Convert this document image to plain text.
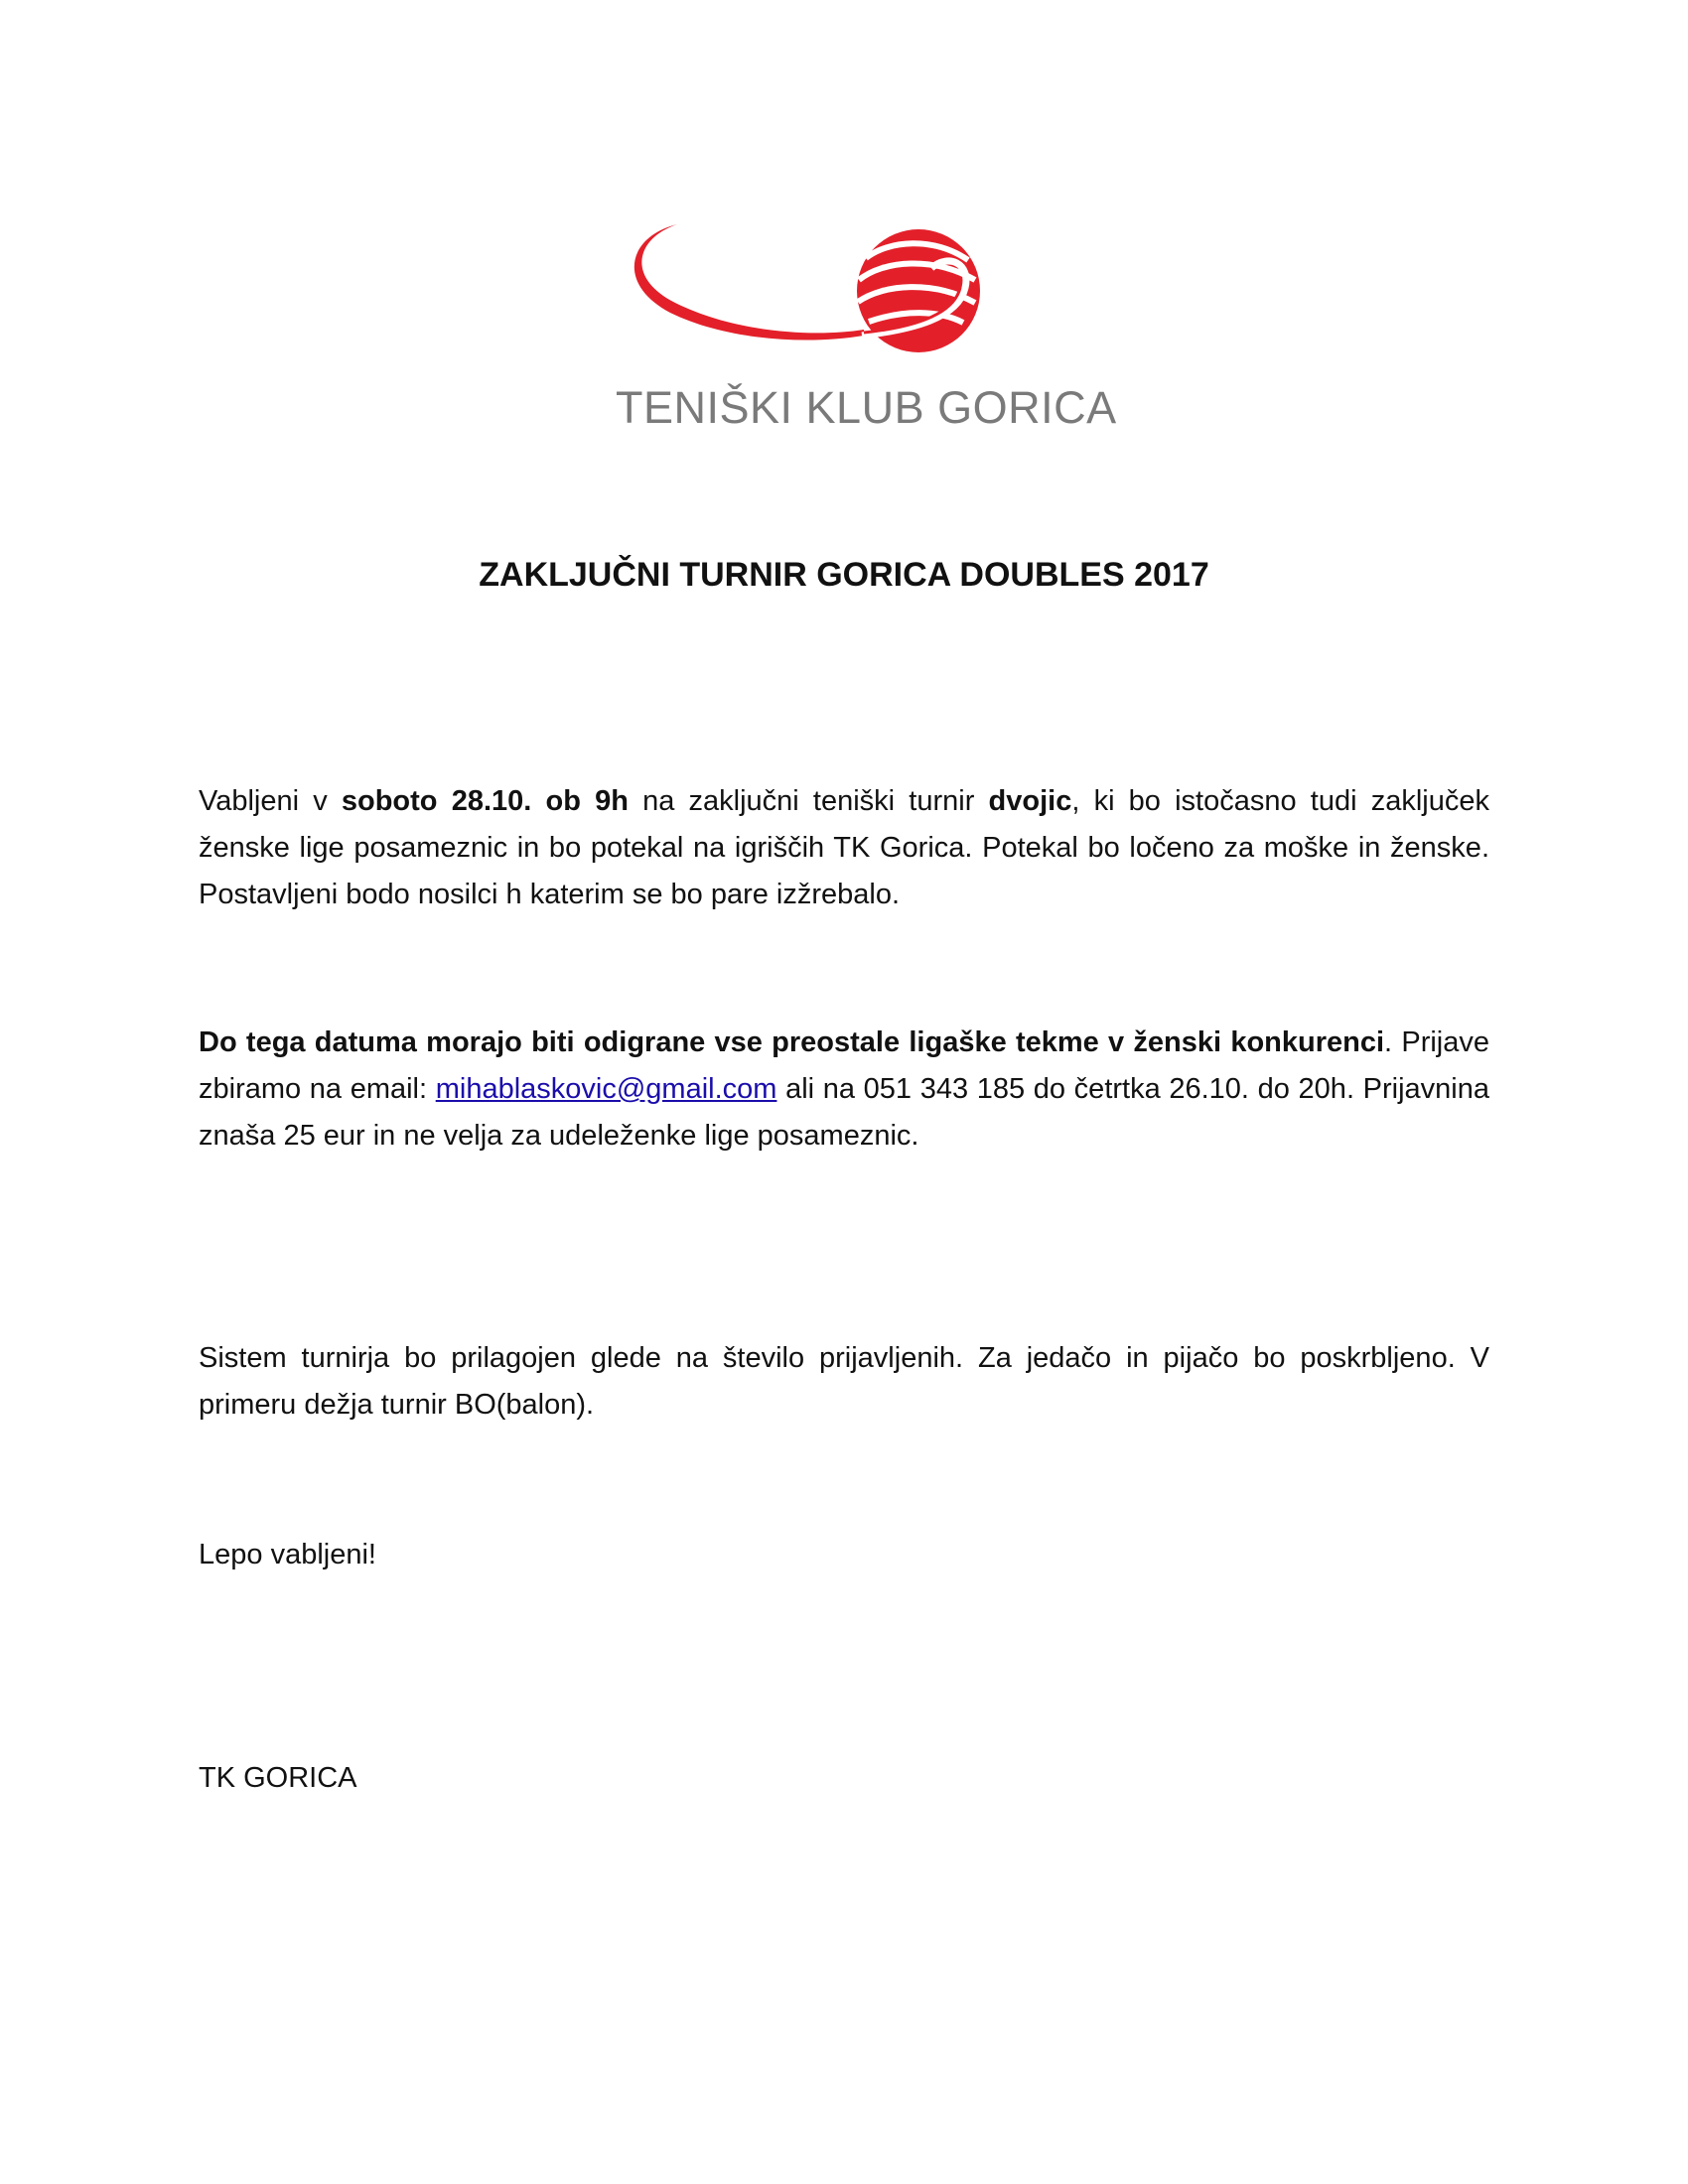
TENIŠKI KLUB GORICA
ZAKLJUČNI TURNIR GORICA DOUBLES 2017
Vabljeni v soboto 28.10. ob 9h na zaključni teniški turnir dvojic, ki bo istočasno tudi zaključek ženske lige posameznic in bo potekal na igriščih TK Gorica. Potekal bo ločeno za moške in ženske. Postavljeni bodo nosilci h katerim se bo pare izžrebalo.
Do tega datuma morajo biti odigrane vse preostale ligaške tekme v ženski konkurenci. Prijave zbiramo na email: mihablaskovic@gmail.com ali na 051 343 185 do četrtka 26.10. do 20h. Prijavnina znaša 25 eur in ne velja za udeleženke lige posameznic.
Sistem turnirja bo prilagojen glede na število prijavljenih. Za jedačo in pijačo bo poskrbljeno. V primeru dežja turnir BO(balon).
Lepo vabljeni!
TK GORICA
